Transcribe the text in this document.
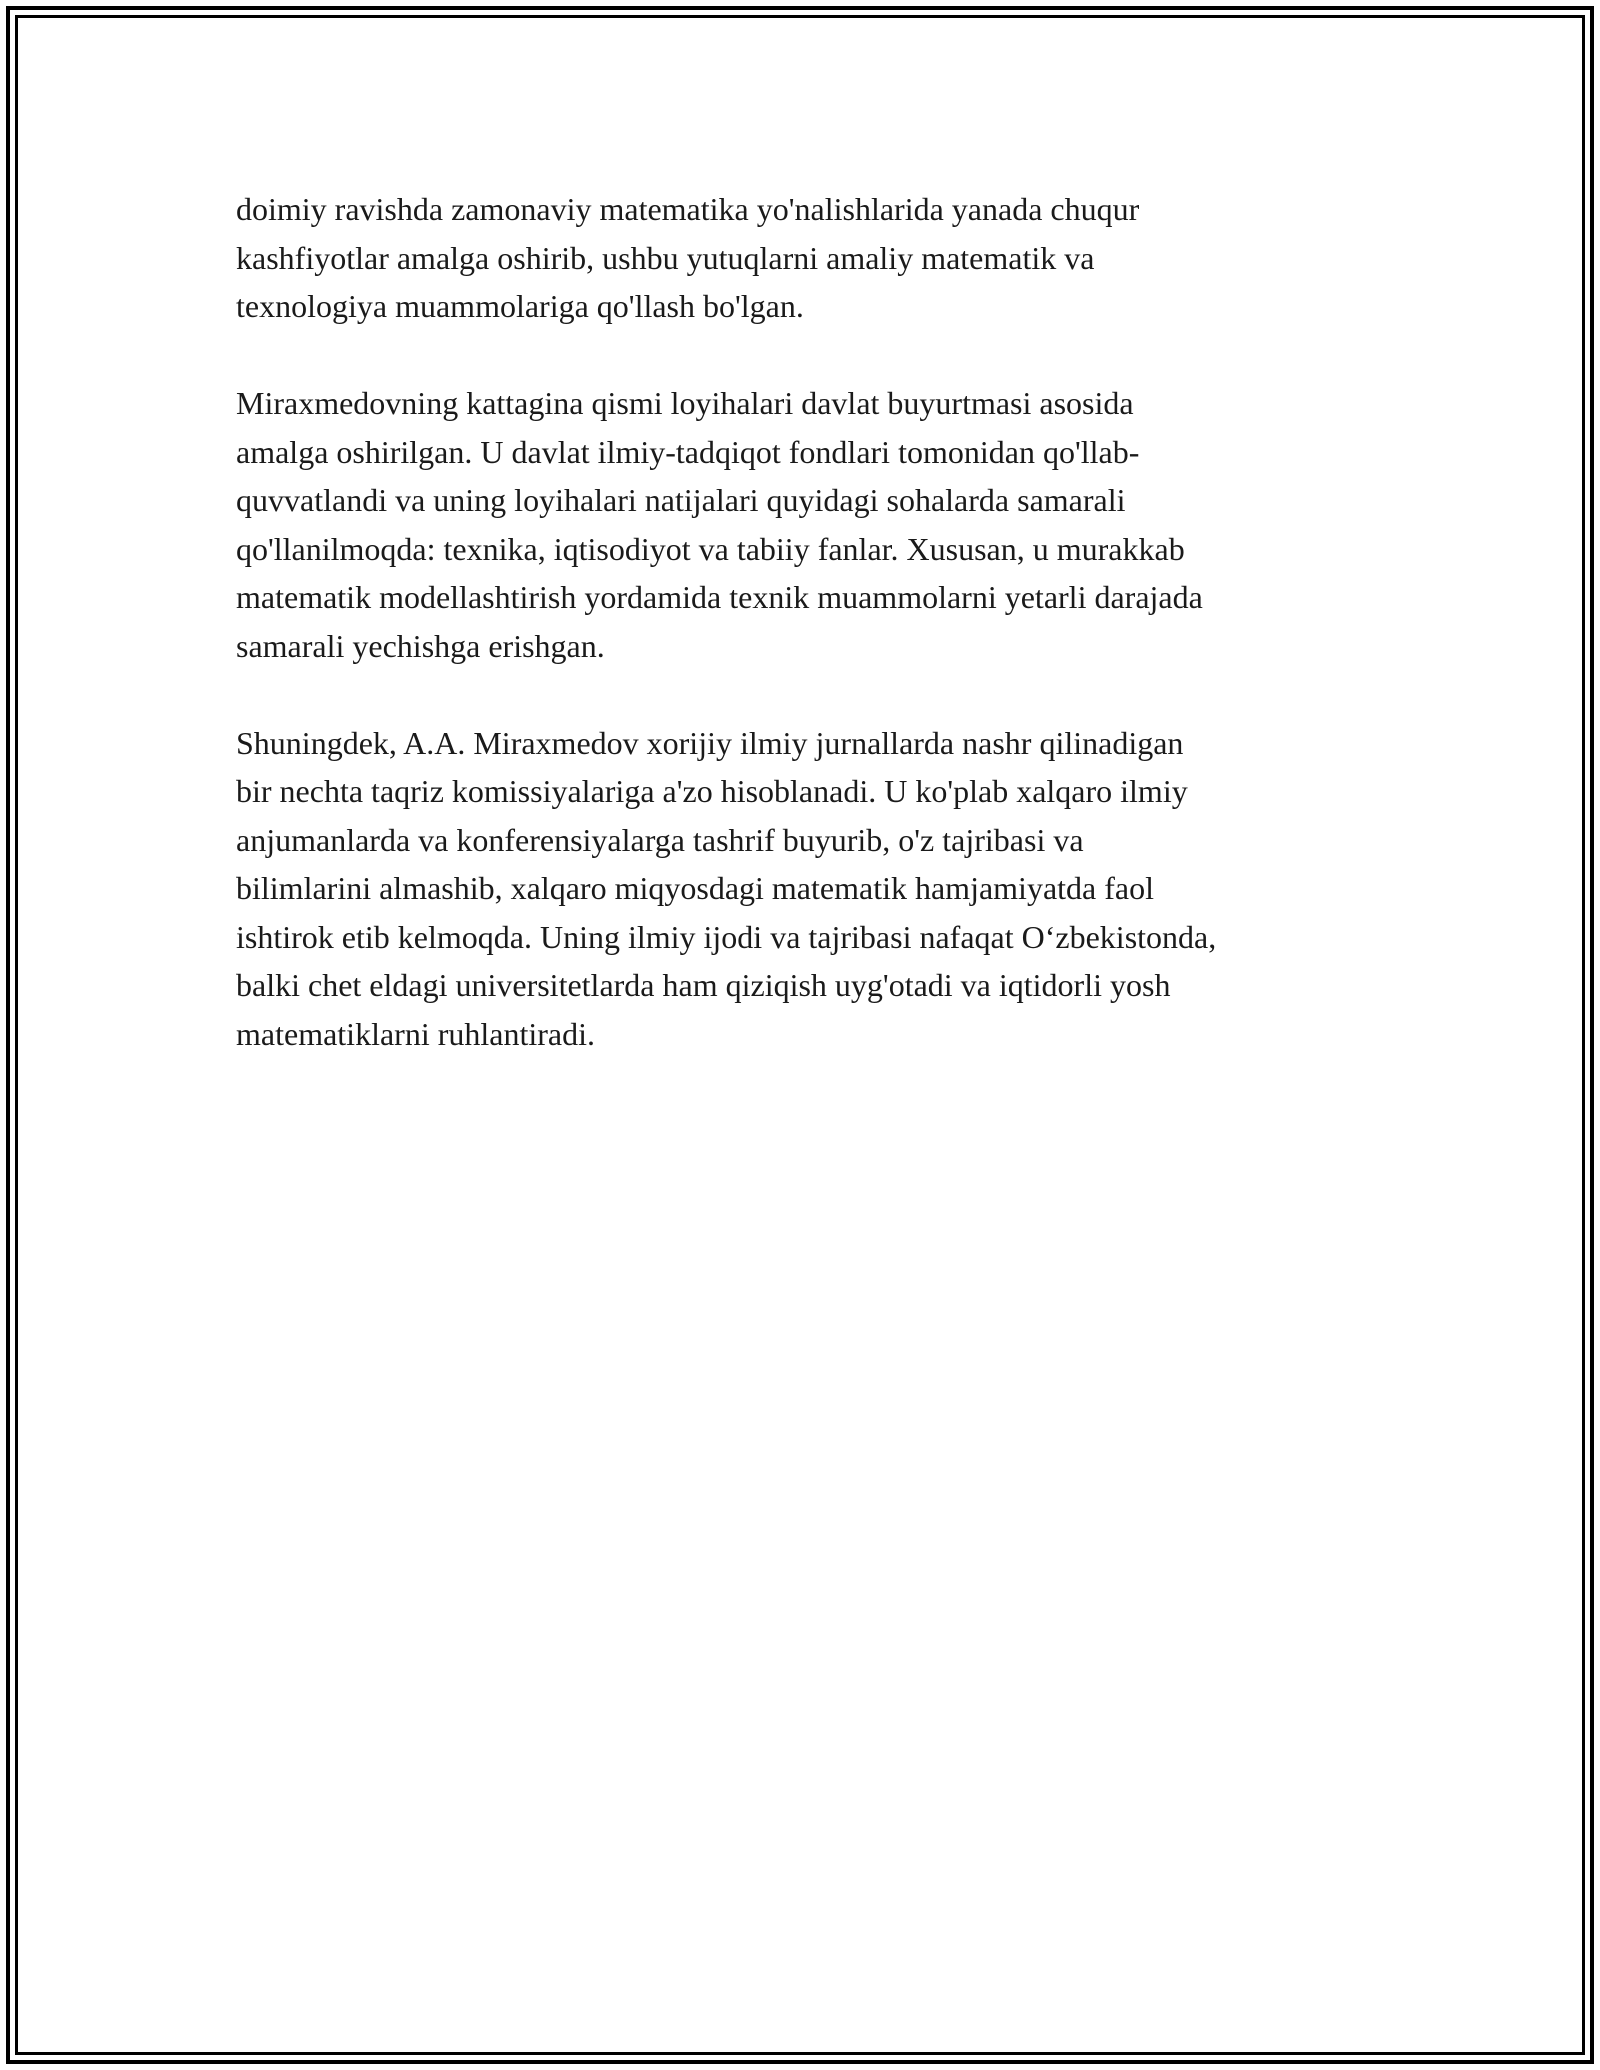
doimiy ravishda zamonaviy matematika yo'nalishlarida yanada chuqur
kashfiyotlar amalga oshirib, ushbu yutuqlarni amaliy matematik va
texnologiya muammolariga qo'llash bo'lgan.

Miraxmedovning kattagina qismi loyihalari davlat buyurtmasi asosida
amalga oshirilgan. U davlat ilmiy-tadqiqot fondlari tomonidan qo'llab-
quvvatlandi va uning loyihalari natijalari quyidagi sohalarda samarali
qo'llanilmoqda: texnika, iqtisodiyot va tabiiy fanlar. Xususan, u murakkab
matematik modellashtirish yordamida texnik muammolarni yetarli darajada
samarali yechishga erishgan.

Shuningdek, A.A. Miraxmedov xorijiy ilmiy jurnallarda nashr qilinadigan
bir nechta taqriz komissiyalariga a'zo hisoblanadi. U ko'plab xalqaro ilmiy
anjumanlarda va konferensiyalarga tashrif buyurib, o'z tajribasi va
bilimlarini almashib, xalqaro miqyosdagi matematik hamjamiyatda faol
ishtirok etib kelmoqda. Uning ilmiy ijodi va tajribasi nafaqat O‘zbekistonda,
balki chet eldagi universitetlarda ham qiziqish uyg'otadi va iqtidorli yosh
matematiklarni ruhlantiradi.
